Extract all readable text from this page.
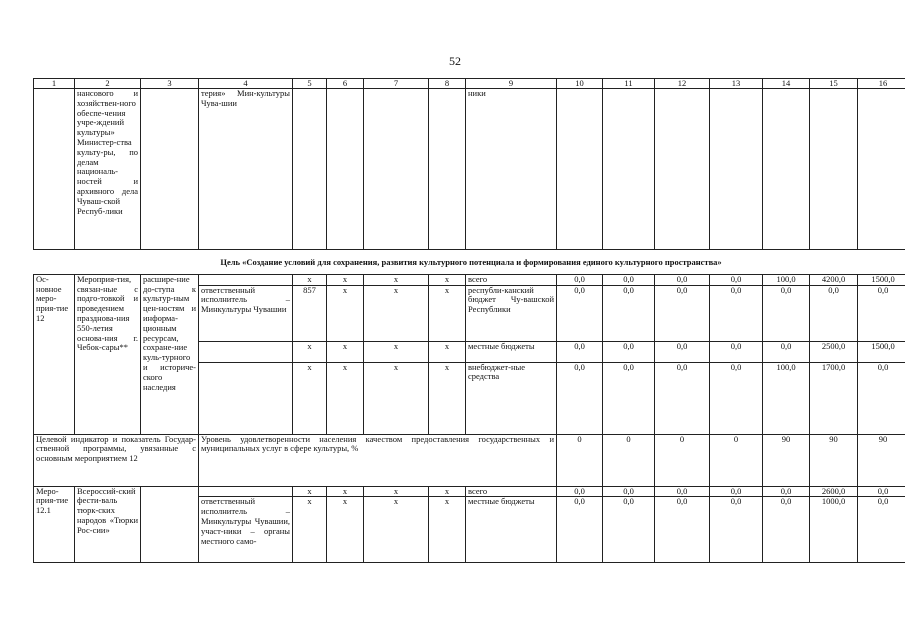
52
1	2	3	4	5	6	7	8	9	10	11	12	13	14	15	16
	нансового и хозяйствен-ного обеспе-чения учре-ждений культуры» Министер-ства культу-ры, по делам националь-ностей и архивного дела Чуваш-ской Респуб-лики		терия» Мин-культуры Чува-шии					ники							
Цель «Создание условий для сохранения, развития культурного потенциала и формирования единого культурного пространства»															
Ос-новное меро-прия-тие 12	Мероприя-тия, связан-ные с подго-товкой и проведением празднова-ния 550-летия основа-ния г. Чебок-сары**	расшире-ние до-ступа к культур-ным цен-ностям и информа-ционным ресурсам, сохране-ние куль-турного и историче-ского наследия		х	х	х	х	всего	0,0	0,0	0,0	0,0	100,0	4200,0	1500,0
			ответственный исполнитель – Минкультуры Чувашии	857	х	х	х	республи-канский бюджет Чу-вашской Республики	0,0	0,0	0,0	0,0	0,0	0,0	0,0
				х	х	х	х	местные бюджеты	0,0	0,0	0,0	0,0	0,0	2500,0	1500,0
				х	х	х	х	внебюджет-ные средства	0,0	0,0	0,0	0,0	100,0	1700,0	0,0
Целевой индикатор и показатель Государ-ственной программы, увязанные с основным мероприятием 12			Уровень удовлетворенности населения качеством предоставления государственных и муниципальных услуг в сфере культуры, %						0	0	0	0	90	90	90
Меро-прия-тие 12.1	Всероссий-ский фести-валь тюрк-ских народов «Тюрки Рос-сии»			х	х	х	х	всего	0,0	0,0	0,0	0,0	0,0	2600,0	0,0
			ответственный исполнитель – Минкультуры Чувашии, участ-ники – органы местного само-	х	х	х	х	местные бюджеты	0,0	0,0	0,0	0,0	0,0	1000,0	0,0
